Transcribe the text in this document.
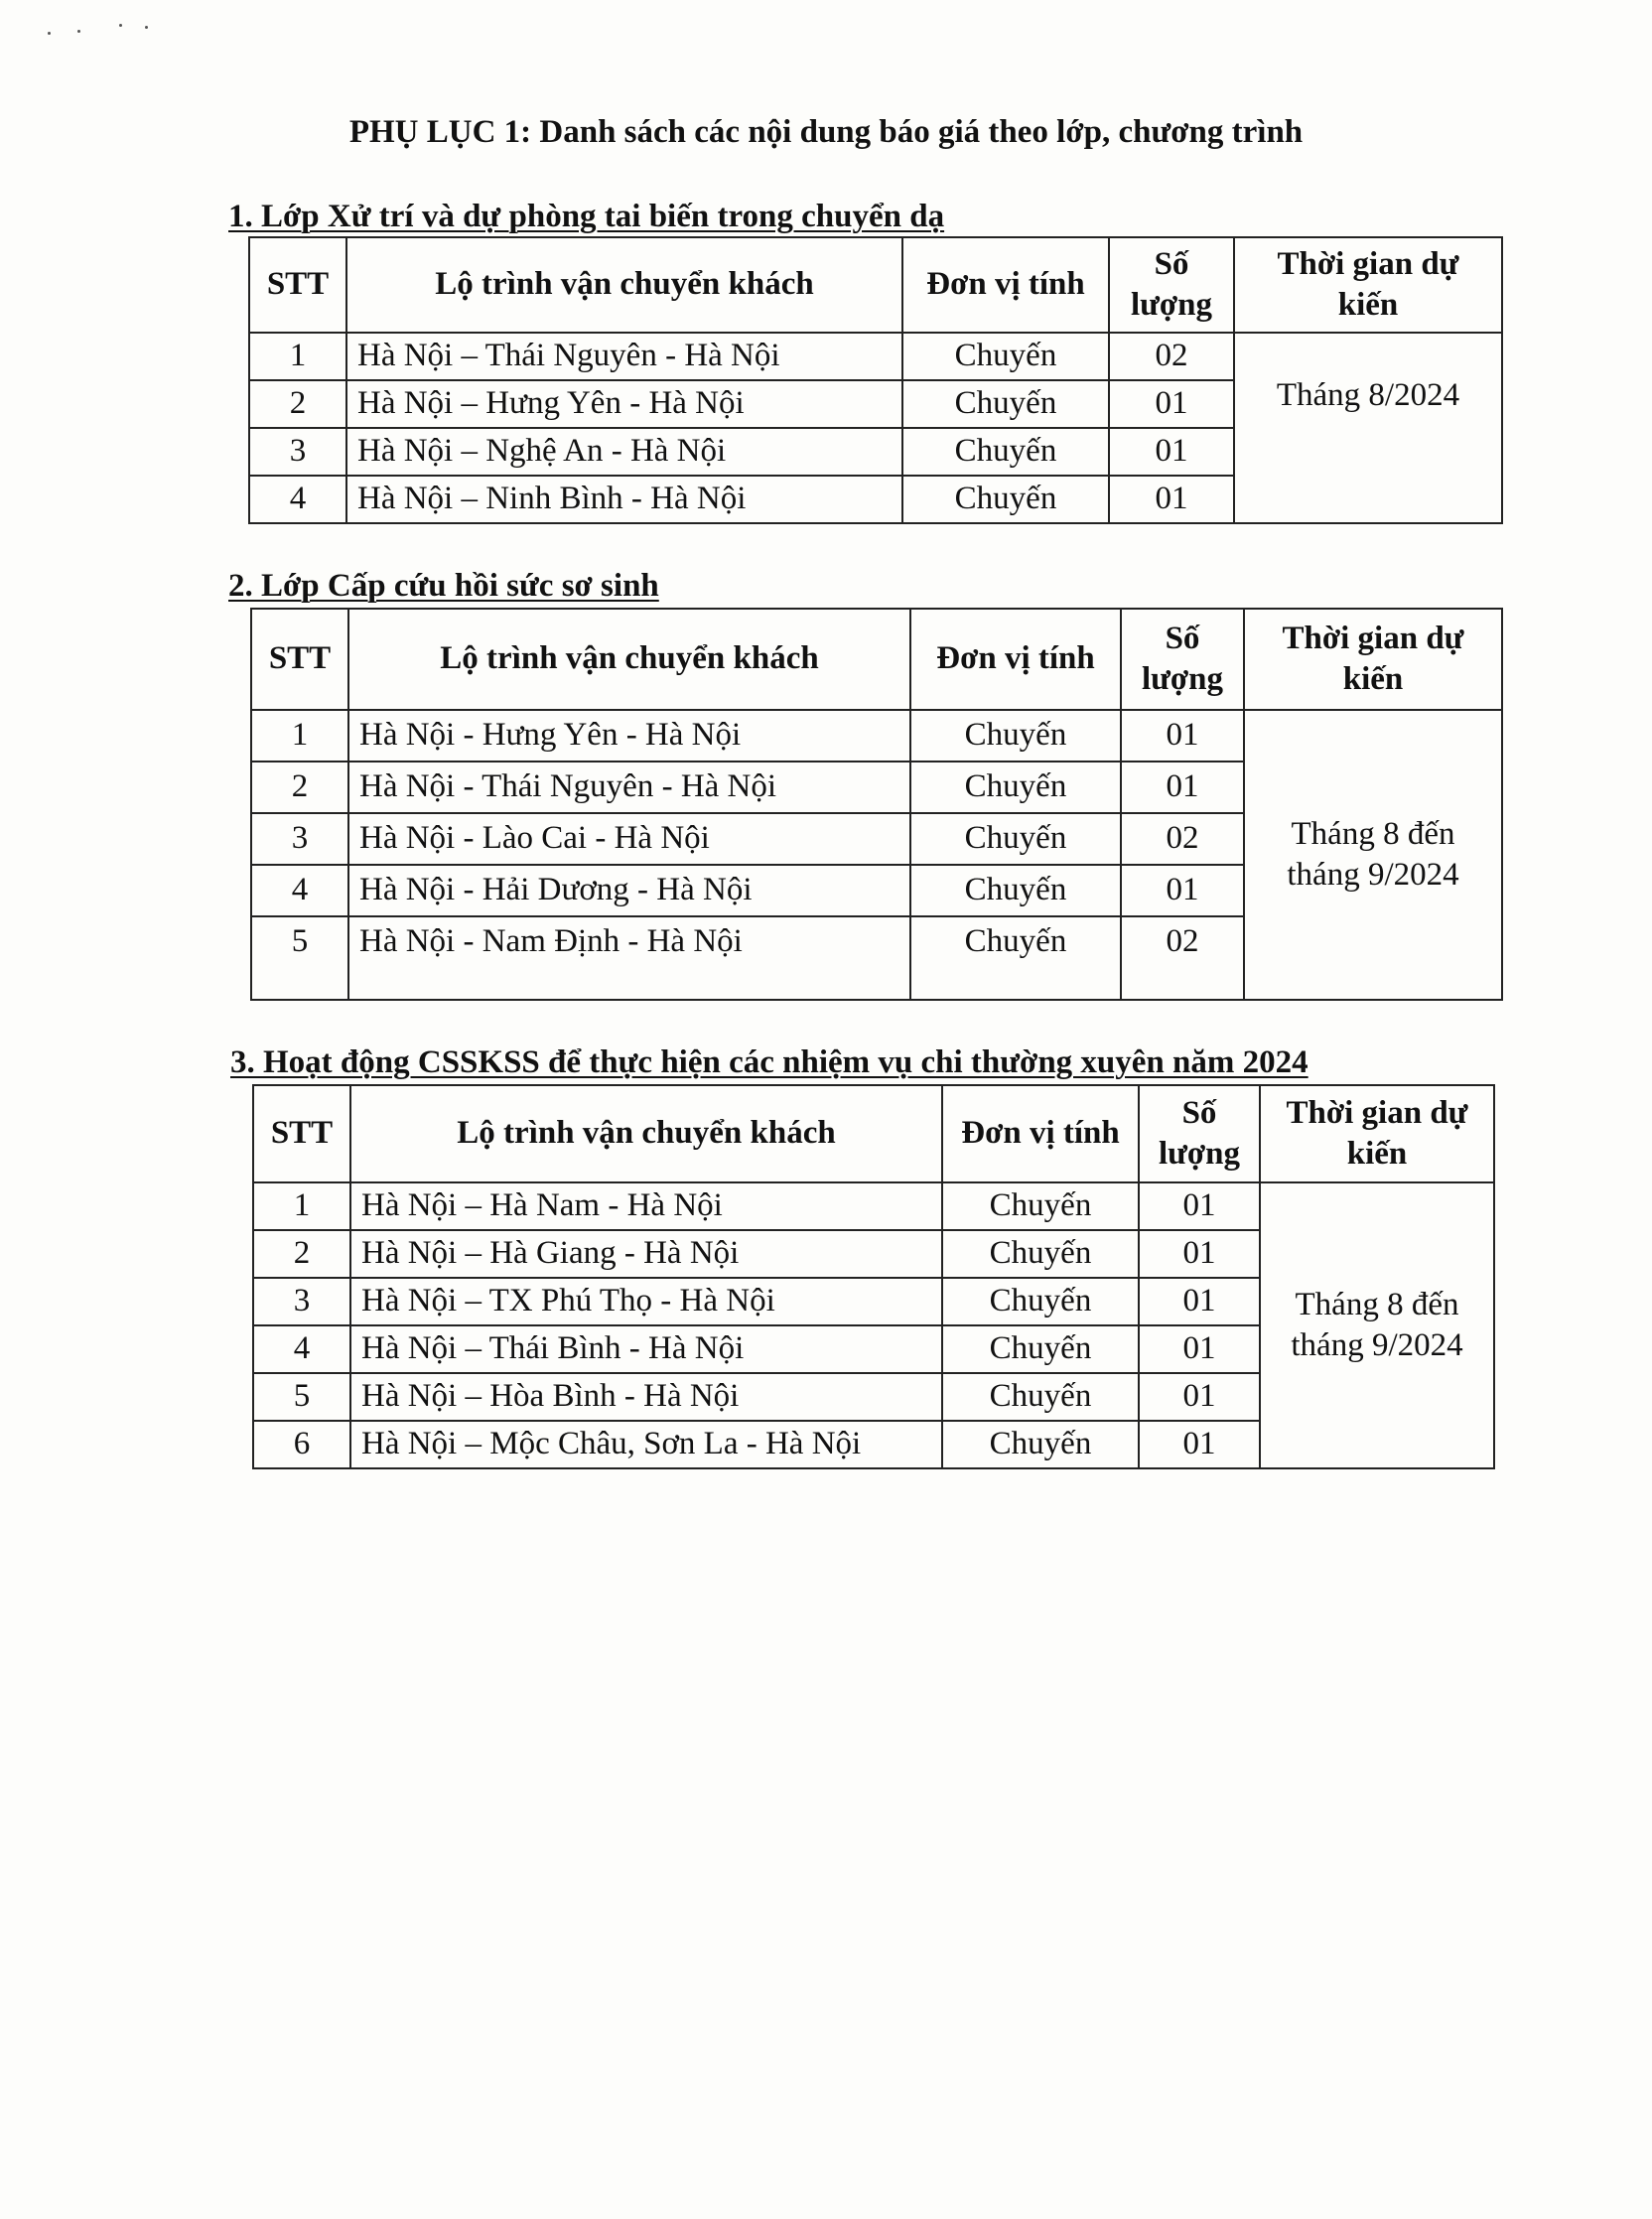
PHỤ LỤC 1: Danh sách các nội dung báo giá theo lớp, chương trình
1. Lớp Xử trí và dự phòng tai biến trong chuyển dạ
STT	Lộ trình vận chuyển khách	Đơn vị tính	Số lượng	Thời gian dự kiến
1	Hà Nội – Thái Nguyên - Hà Nội	Chuyến	02	Tháng 8/2024
2	Hà Nội – Hưng Yên - Hà Nội	Chuyến	01	
3	Hà Nội – Nghệ An - Hà Nội	Chuyến	01	
4	Hà Nội – Ninh Bình - Hà Nội	Chuyến	01	
2. Lớp Cấp cứu hồi sức sơ sinh
STT	Lộ trình vận chuyển khách	Đơn vị tính	Số lượng	Thời gian dự kiến
1	Hà Nội - Hưng Yên - Hà Nội	Chuyến	01	Tháng 8 đến tháng 9/2024
2	Hà Nội - Thái Nguyên - Hà Nội	Chuyến	01	
3	Hà Nội - Lào Cai - Hà Nội	Chuyến	02	
4	Hà Nội - Hải Dương - Hà Nội	Chuyến	01	
5	Hà Nội - Nam Định - Hà Nội	Chuyến	02	
3. Hoạt động CSSKSS để thực hiện các nhiệm vụ chi thường xuyên năm 2024
STT	Lộ trình vận chuyển khách	Đơn vị tính	Số lượng	Thời gian dự kiến
1	Hà Nội – Hà Nam - Hà Nội	Chuyến	01	Tháng 8 đến tháng 9/2024
2	Hà Nội – Hà Giang - Hà Nội	Chuyến	01	
3	Hà Nội – TX Phú Thọ - Hà Nội	Chuyến	01	
4	Hà Nội – Thái Bình - Hà Nội	Chuyến	01	
5	Hà Nội – Hòa Bình - Hà Nội	Chuyến	01	
6	Hà Nội – Mộc Châu, Sơn La - Hà Nội	Chuyến	01	
